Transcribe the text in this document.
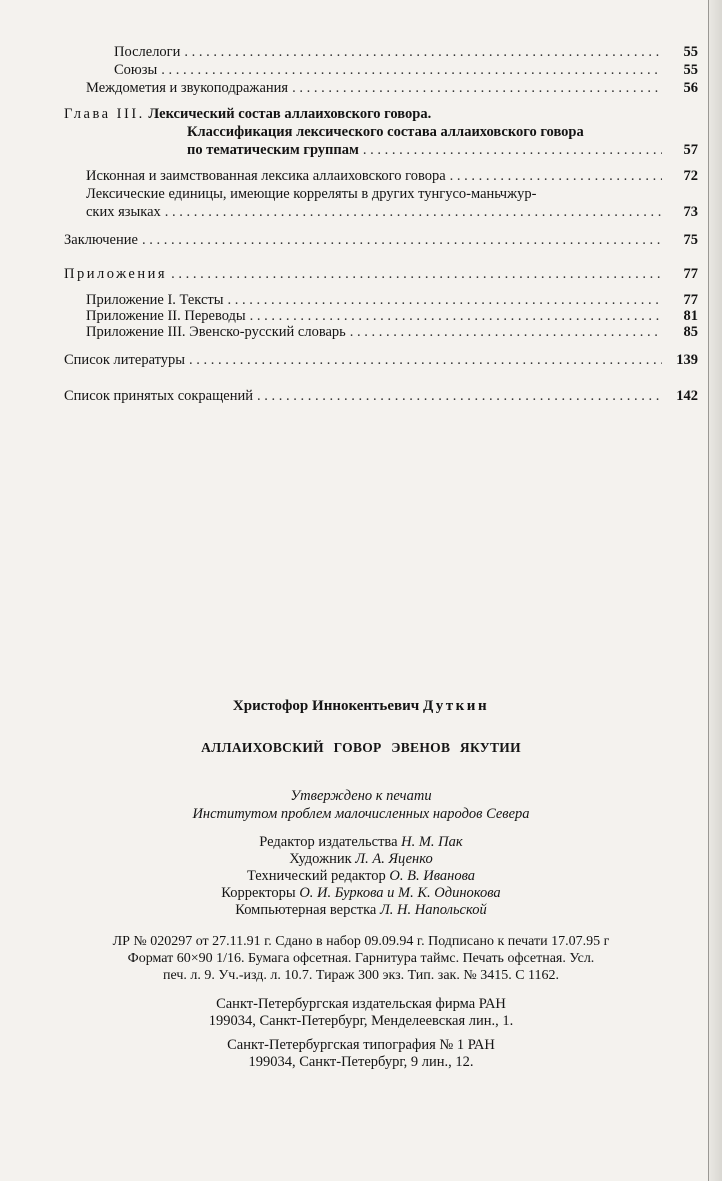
Послелоги . . .	55
Союзы . . .	55
Междометия и звукоподражания . . .	56
Глава III. Лексический состав аллаиховского говора.
Классификация лексического состава аллаиховского говора
по тематическим группам . . .	57
Исконная и заимствованная лексика аллаиховского говора . . .	72
Лексические единицы, имеющие корреляты в других тунгусо-маньчжур-
ских языках . . .	73
Заключение . . .	75
Приложения . . .	77
Приложение I. Тексты . . .	77
Приложение II. Переводы . . .	81
Приложение III. Эвенско-русский словарь . . .	85
Список литературы . . .	139
Список принятых сокращений . . .	142
Христофор Иннокентьевич Дуткин
АЛЛАИХОВСКИЙ ГОВОР ЭВЕНОВ ЯКУТИИ
Утверждено к печати
Институтом проблем малочисленных народов Севера
Редактор издательства Н. М. Пак
Художник Л. А. Яценко
Технический редактор О. В. Иванова
Корректоры О. И. Буркова и М. К. Одинокова
Компьютерная верстка Л. Н. Напольской
ЛР № 020297 от 27.11.91 г. Сдано в набор 09.09.94 г. Подписано к печати 17.07.95 г
Формат 60×90 1/16. Бумага офсетная. Гарнитура таймс. Печать офсетная. Усл.
печ. л. 9. Уч.-изд. л. 10.7. Тираж 300 экз. Тип. зак. № 3415. С 1162.
Санкт-Петербургская издательская фирма РАН
199034, Санкт-Петербург, Менделеевская лин., 1.
Санкт-Петербургская типография № 1 РАН
199034, Санкт-Петербург, 9 лин., 12.
